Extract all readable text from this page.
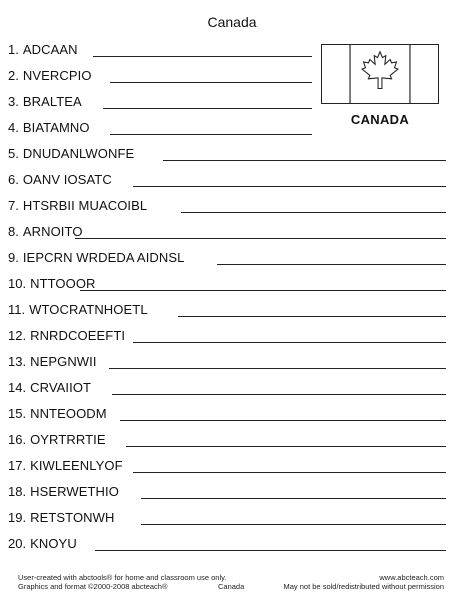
Canada
1. ADCAAN
2. NVERCPIO
3. BRALTEA
4. BIATAMNO
5. DNUDANLWONFE
6. OANV IOSATC
7. HTSRBII MUACOIBL
8. ARNOITO
9. IEPCRN WRDEDA AIDNSL
10. NTTOOOR
11. WTOCRATNHOETL
12. RNRDCOEEFTI
13. NEPGNWII
14. CRVAIIOT
15. NNTEOODM
16. OYRTRRTIE
17. KIWLEENLYOF
18. HSERWETHIO
19. RETSTONWH
20. KNOYU
CANADA
User-created with abctools® for home and classroom use only.
Graphics and format ©2000-2008 abcteach®	Canada
www.abcteach.com
May not be sold/redistributed without permission
